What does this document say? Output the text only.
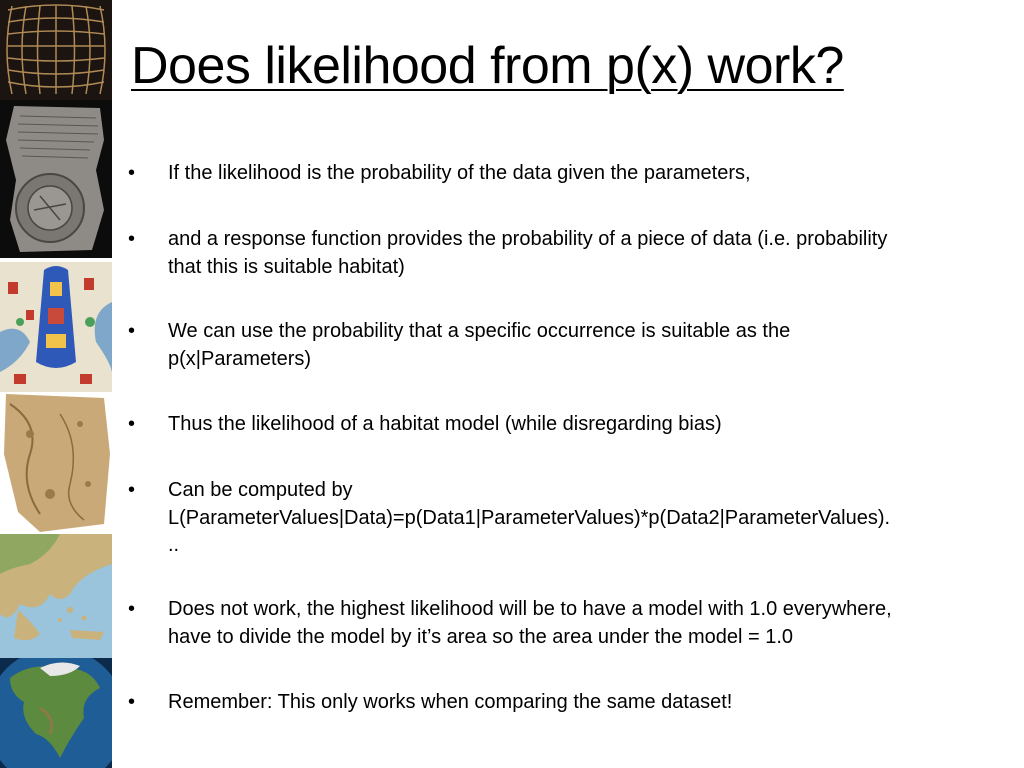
Does likelihood from p(x) work?
•	If the likelihood is the probability of the data given the parameters,
•	and a response function provides the probability of a piece of data (i.e. probability
that this is suitable habitat)
•	We can use the probability that a specific occurrence is suitable as the
p(x|Parameters)
•	Thus the likelihood of a habitat model (while disregarding bias)
•	Can be computed by
L(ParameterValues|Data)=p(Data1|ParameterValues)*p(Data2|ParameterValues).
..
•	Does not work, the highest likelihood will be to have a model with 1.0 everywhere,
have to divide the model by it’s area so the area under the model = 1.0
•	Remember: This only works when comparing the same dataset!
